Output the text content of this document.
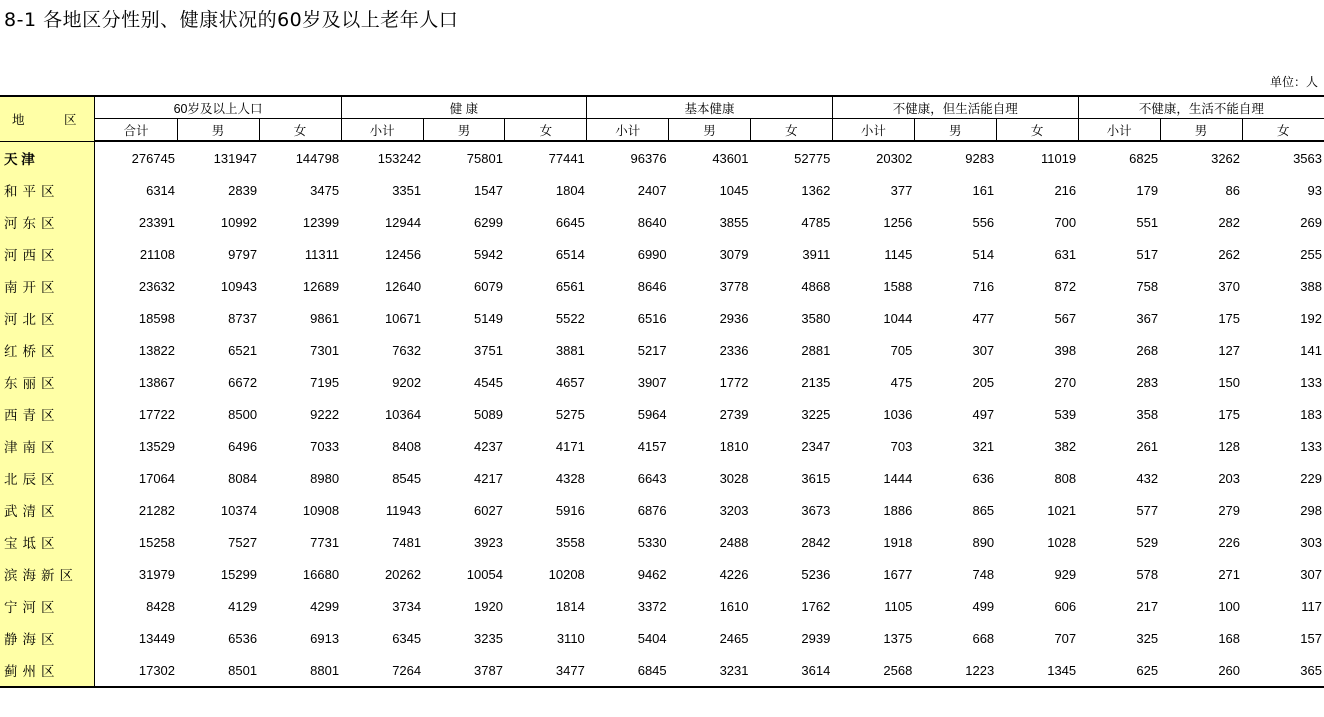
8-1 各地区分性别、健康状况的60岁及以上老年人口
单位：人
地 区	60岁及以上人口			健 康			基本健康			不健康，但生活能自理			不健康，生活不能自理		
	合计	男	女	小计	男	女	小计	男	女	小计	男	女	小计	男	女
天 津	276745	131947	144798	153242	75801	77441	96376	43601	52775	20302	9283	11019	6825	3262	3563
和平区	6314	2839	3475	3351	1547	1804	2407	1045	1362	377	161	216	179	86	93
河东区	23391	10992	12399	12944	6299	6645	8640	3855	4785	1256	556	700	551	282	269
河西区	21108	9797	11311	12456	5942	6514	6990	3079	3911	1145	514	631	517	262	255
南开区	23632	10943	12689	12640	6079	6561	8646	3778	4868	1588	716	872	758	370	388
河北区	18598	8737	9861	10671	5149	5522	6516	2936	3580	1044	477	567	367	175	192
红桥区	13822	6521	7301	7632	3751	3881	5217	2336	2881	705	307	398	268	127	141
东丽区	13867	6672	7195	9202	4545	4657	3907	1772	2135	475	205	270	283	150	133
西青区	17722	8500	9222	10364	5089	5275	5964	2739	3225	1036	497	539	358	175	183
津南区	13529	6496	7033	8408	4237	4171	4157	1810	2347	703	321	382	261	128	133
北辰区	17064	8084	8980	8545	4217	4328	6643	3028	3615	1444	636	808	432	203	229
武清区	21282	10374	10908	11943	6027	5916	6876	3203	3673	1886	865	1021	577	279	298
宝坻区	15258	7527	7731	7481	3923	3558	5330	2488	2842	1918	890	1028	529	226	303
滨海新区	31979	15299	16680	20262	10054	10208	9462	4226	5236	1677	748	929	578	271	307
宁河区	8428	4129	4299	3734	1920	1814	3372	1610	1762	1105	499	606	217	100	117
静海区	13449	6536	6913	6345	3235	3110	5404	2465	2939	1375	668	707	325	168	157
蓟州区	17302	8501	8801	7264	3787	3477	6845	3231	3614	2568	1223	1345	625	260	365
